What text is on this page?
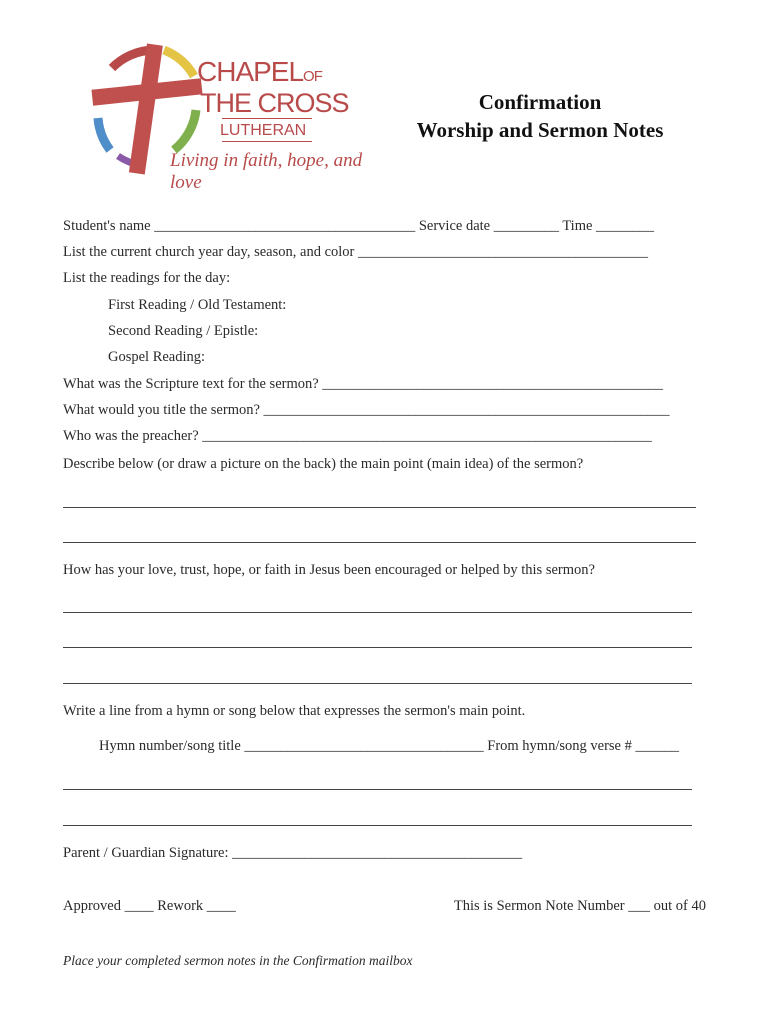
CHAPELOF
THE CROSS
LUTHERAN
Living in faith, hope, and love
Confirmation
Worship and Sermon Notes
Student's name ____________________________________ Service date _________ Time ________
List the current church year day, season, and color ________________________________________
List the readings for the day:
First Reading / Old Testament:
Second Reading / Epistle:
Gospel Reading:
What was the Scripture text for the sermon? _______________________________________________
What would you title the sermon? ________________________________________________________
Who was the preacher? ______________________________________________________________
Describe below (or draw a picture on the back) the main point (main idea) of the sermon?
How has your love, trust, hope, or faith in Jesus been encouraged or helped by this sermon?
Write a line from a hymn or song below that expresses the sermon's main point.
Hymn number/song title _________________________________ From hymn/song verse # ______
Parent / Guardian Signature: ________________________________________
Approved ____ Rework ____	This is Sermon Note Number ___ out of 40
Place your completed sermon notes in the Confirmation mailbox
